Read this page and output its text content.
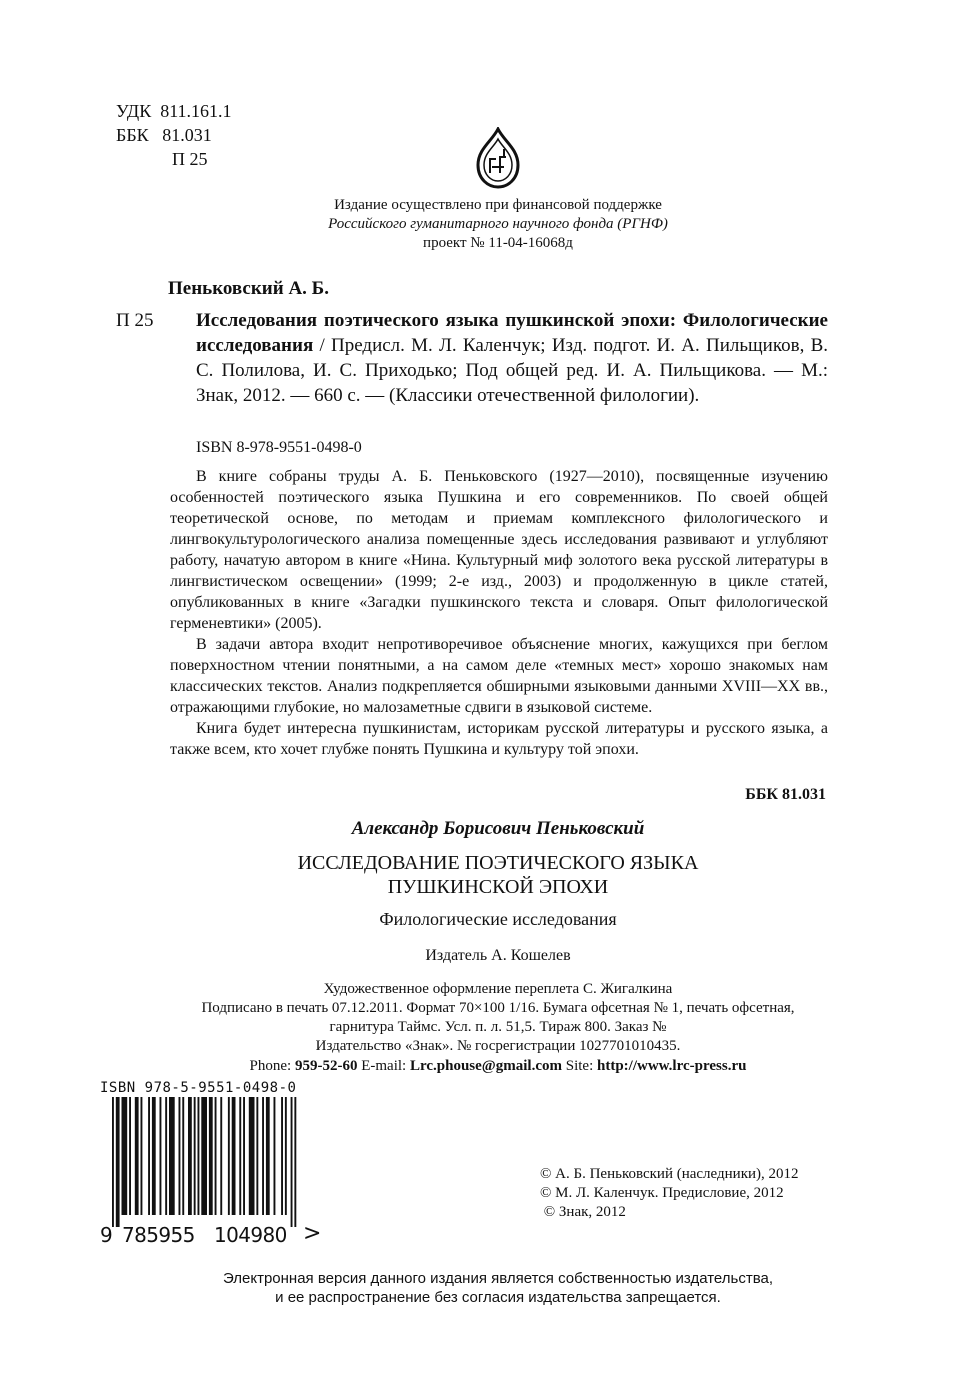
УДК 811.161.1
ББК 81.031
П 25
Издание осуществлено при финансовой поддержке
Российского гуманитарного научного фонда (РГНФ)
проект № 11-04-16068д
Пеньковский А. Б.
П 25 Исследования поэтического языка пушкинской эпохи: Филологические исследования / Предисл. М. Л. Каленчук; Изд. подгот. И. А. Пильщиков, В. С. Полилова, И. С. Приходько; Под общей ред. И. А. Пильщикова. — М.: Знак, 2012. — 660 с. — (Классики отечественной филологии).
ISBN 8-978-9551-0498-0

В книге собраны труды А. Б. Пеньковского (1927—2010), посвященные изучению особенностей поэтического языка Пушкина и его современников. По своей общей теоретической основе, по методам и приемам комплексного филологического и лингвокультурологического анализа помещенные здесь исследования развивают и углубляют работу, начатую автором в книге «Нина. Культурный миф золотого века русской литературы в лингвистическом освещении» (1999; 2-е изд., 2003) и продолженную в цикле статей, опубликованных в книге «Загадки пушкинского текста и словаря. Опыт филологической герменевтики» (2005).

В задачи автора входит непротиворечивое объяснение многих, кажущихся при беглом поверхностном чтении понятными, а на самом деле «темных мест» хорошо знакомых нам классических текстов. Анализ подкрепляется обширными языковыми данными XVIII—XX вв., отражающими глубокие, но малозаметные сдвиги в языковой системе.

Книга будет интересна пушкинистам, историкам русской литературы и русского языка, а также всем, кто хочет глубже понять Пушкина и культуру той эпохи.

ББК 81.031
Александр Борисович Пеньковский
ИССЛЕДОВАНИЕ ПОЭТИЧЕСКОГО ЯЗЫКА
ПУШКИНСКОЙ ЭПОХИ
Филологические исследования
Издатель А. Кошелев
Художественное оформление переплета С. Жигалкина
Подписано в печать 07.12.2011. Формат 70×100 1/16. Бумага офсетная № 1, печать офсетная,
гарнитура Таймс. Усл. п. л. 51,5. Тираж 800. Заказ №
Издательство «Знак». № госрегистрации 1027701010435.
Phone: 959-52-60 E-mail: Lrc.phouse@gmail.com Site: http://www.lrc-press.ru
ISBN 978-5-9551-0498-0
9 785955 104980 >
© А. Б. Пеньковский (наследники), 2012
© М. Л. Каленчук. Предисловие, 2012
© Знак, 2012
Электронная версия данного издания является собственностью издательства,
и ее распространение без согласия издательства запрещается.
